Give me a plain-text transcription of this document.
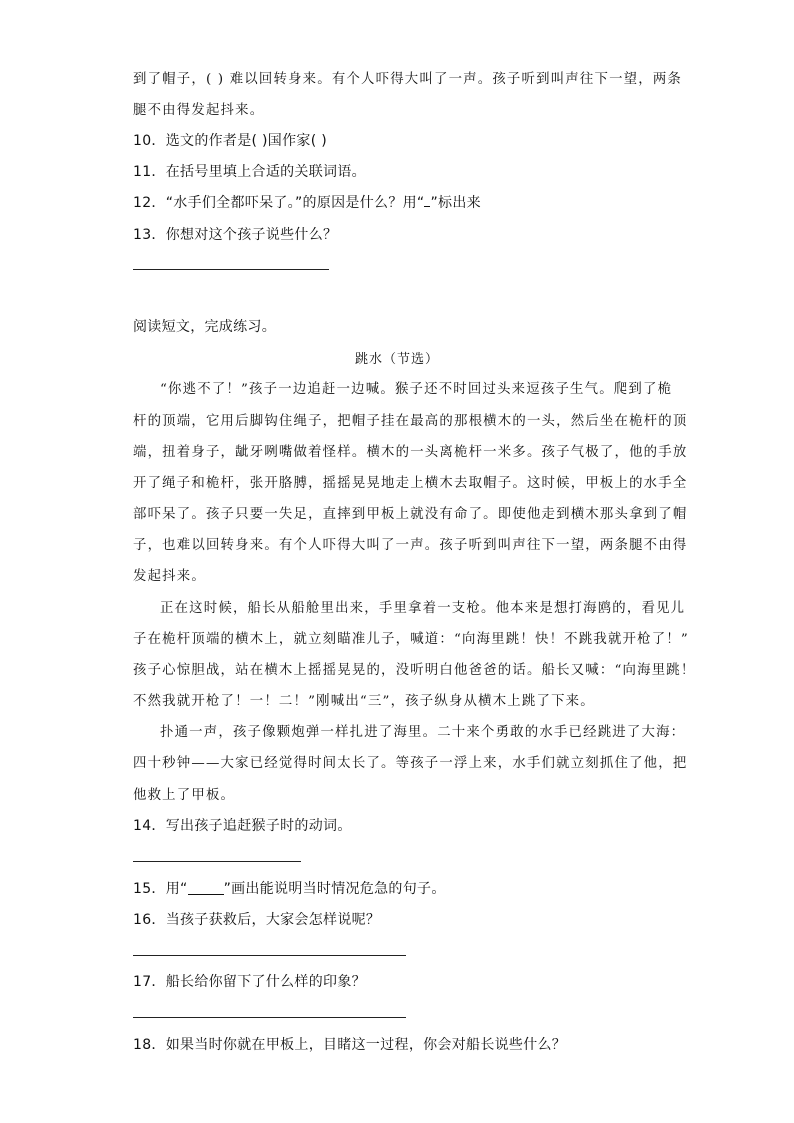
到了帽子，( ) 难以回转身来。有个人吓得大叫了一声。孩子听到叫声往下一望，两条
腿不由得发起抖来。
10．选文的作者是( )国作家( )
11．在括号里填上合适的关联词语。
12．“水手们全都吓呆了。”的原因是什么？用“ ”标出来
13．你想对这个孩子说些什么？
阅读短文，完成练习。
跳水（节选）
“你逃不了！”孩子一边追赶一边喊。猴子还不时回过头来逗孩子生气。爬到了桅
杆的顶端，它用后脚钩住绳子，把帽子挂在最高的那根横木的一头，然后坐在桅杆的顶
端，扭着身子，龇牙咧嘴做着怪样。横木的一头离桅杆一米多。孩子气极了，他的手放
开了绳子和桅杆，张开胳膊，摇摇晃晃地走上横木去取帽子。这时候，甲板上的水手全
部吓呆了。孩子只要一失足，直摔到甲板上就没有命了。即使他走到横木那头拿到了帽
子，也难以回转身来。有个人吓得大叫了一声。孩子听到叫声往下一望，两条腿不由得
发起抖来。
正在这时候，船长从船舱里出来，手里拿着一支枪。他本来是想打海鸥的，看见儿
子在桅杆顶端的横木上，就立刻瞄准儿子，喊道：“向海里跳！快！不跳我就开枪了！”
孩子心惊胆战，站在横木上摇摇晃晃的，没听明白他爸爸的话。船长又喊：“向海里跳！
不然我就开枪了！一！二！”刚喊出“三”，孩子纵身从横木上跳了下来。
扑通一声，孩子像颗炮弹一样扎进了海里。二十来个勇敢的水手已经跳进了大海：
四十秒钟——大家已经觉得时间太长了。等孩子一浮上来，水手们就立刻抓住了他，把
他救上了甲板。
14．写出孩子追赶猴子时的动词。
15．用“	”画出能说明当时情况危急的句子。
16．当孩子获救后，大家会怎样说呢？
17．船长给你留下了什么样的印象？
18．如果当时你就在甲板上，目睹这一过程，你会对船长说些什么？
